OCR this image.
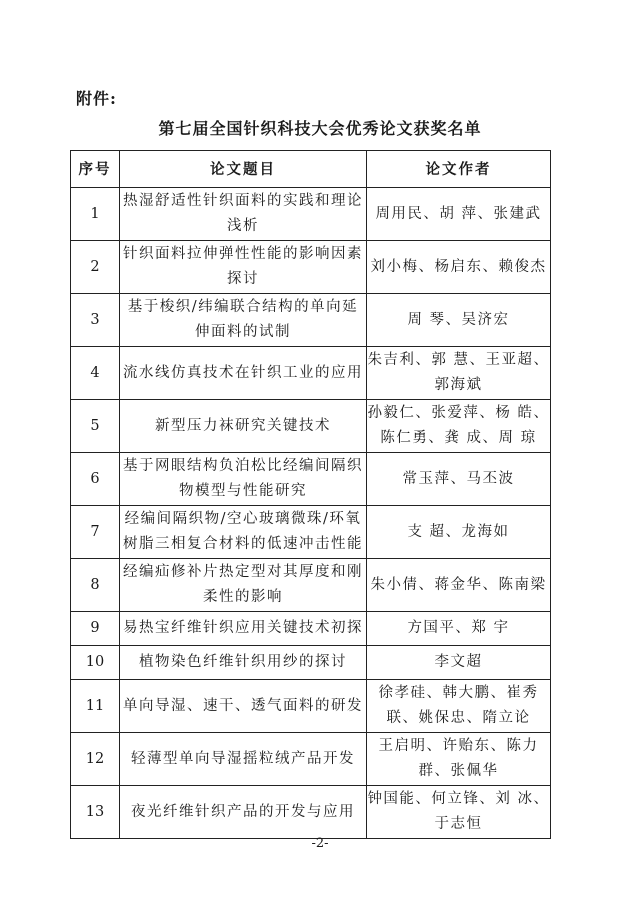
附件:
第七届全国针织科技大会优秀论文获奖名单
序号	论文题目	论文作者
1	热湿舒适性针织面料的实践和理论浅析	周用民、胡 萍、张建武
2	针织面料拉伸弹性性能的影响因素探讨	刘小梅、杨启东、赖俊杰
3	基于梭织/纬编联合结构的单向延伸面料的试制	周 琴、吴济宏
4	流水线仿真技术在针织工业的应用	朱吉利、郭 慧、王亚超、郭海斌
5	新型压力袜研究关键技术	孙毅仁、张爱萍、杨 皓、陈仁勇、龚 成、周 琼
6	基于网眼结构负泊松比经编间隔织物模型与性能研究	常玉萍、马丕波
7	经编间隔织物/空心玻璃微珠/环氧树脂三相复合材料的低速冲击性能	支 超、龙海如
8	经编疝修补片热定型对其厚度和刚柔性的影响	朱小倩、蒋金华、陈南梁
9	易热宝纤维针织应用关键技术初探	方国平、郑 宇
10	植物染色纤维针织用纱的探讨	李文超
11	单向导湿、速干、透气面料的研发	徐孝硅、韩大鹏、崔秀联、姚保忠、隋立论
12	轻薄型单向导湿摇粒绒产品开发	王启明、许贻东、陈力群、张佩华
13	夜光纤维针织产品的开发与应用	钟国能、何立锋、刘 冰、于志恒
-2-
